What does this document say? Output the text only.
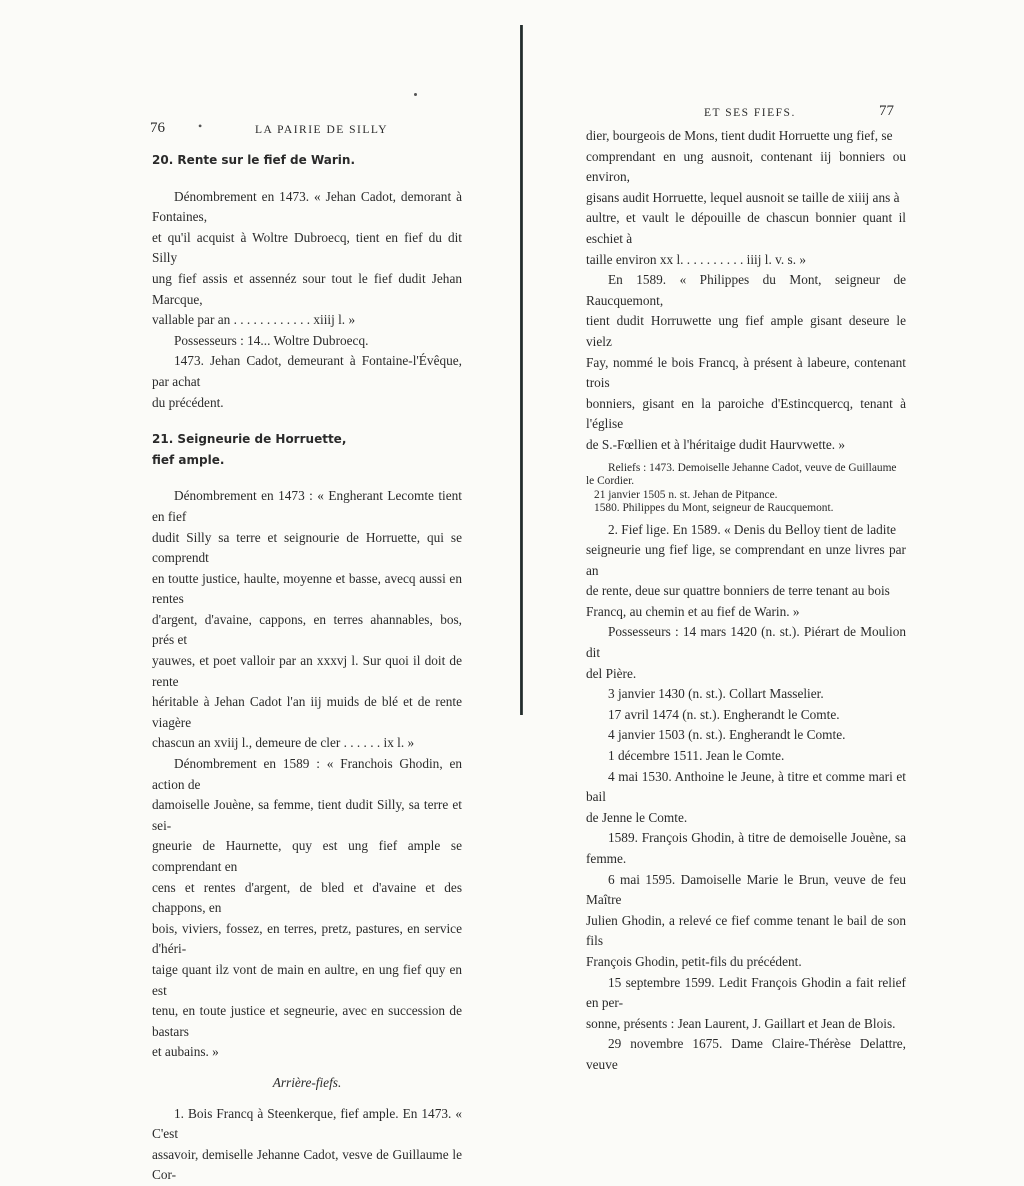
76	•	LA PAIRIE DE SILLY

20. Rente sur le fief de Warin.

Dénombrement en 1473. « Jehan Cadot, demorant à Fontaines,

et qu'il acquist à Woltre Dubroecq, tient en fief du dit Silly

ung fief assis et assennéz sour tout le fief dudit Jehan Marcque,

vallable par an . . . . . . . . . . . . xiiij l. »

Possesseurs : 14... Woltre Dubroecq.

1473. Jehan Cadot, demeurant à Fontaine-l'Évêque, par achat

du précédent.

21. Seigneurie de Horruette,

fief ample.

Dénombrement en 1473 : « Engherant Lecomte tient en fief

dudit Silly sa terre et seignourie de Horruette, qui se comprendt

en toutte justice, haulte, moyenne et basse, avecq aussi en rentes

d'argent, d'avaine, cappons, en terres ahannables, bos, prés et

yauwes, et poet valloir par an xxxvj l. Sur quoi il doit de rente

héritable à Jehan Cadot l'an iij muids de blé et de rente viagère

chascun an xviij l., demeure de cler . . . . . . ix l. »

Dénombrement en 1589 : « Franchois Ghodin, en action de

damoiselle Jouène, sa femme, tient dudit Silly, sa terre et sei-

gneurie de Haurnette, quy est ung fief ample se comprendant en

cens et rentes d'argent, de bled et d'avaine et des chappons, en

bois, viviers, fossez, en terres, pretz, pastures, en service d'héri-

taige quant ilz vont de main en aultre, en ung fief quy en est

tenu, en toute justice et segneurie, avec en succession de bastars

et aubains. »

Arrière-fiefs.

1. Bois Francq à Steenkerque, fief ample. En 1473. « C'est

assavoir, demiselle Jehanne Cadot, vesve de Guillaume le Cor-

ET SES FIEFS.	77

dier, bourgeois de Mons, tient dudit Horruette ung fief, se

comprendant en ung ausnoit, contenant iij bonniers ou environ,

gisans audit Horruette, lequel ausnoit se taille de xiiij ans à

aultre, et vault le dépouille de chascun bonnier quant il eschiet à

taille environ xx l. . . . . . . . . . iiij l. v. s. »

En 1589. « Philippes du Mont, seigneur de Raucquemont,

tient dudit Horruwette ung fief ample gisant deseure le vielz

Fay, nommé le bois Francq, à présent à labeure, contenant trois

bonniers, gisant en la paroiche d'Estincquercq, tenant à l'église

de S.-Fœllien et à l'héritaige dudit Haurvwette. »

Reliefs : 1473. Demoiselle Jehanne Cadot, veuve de Guillaume

le Cordier.

21 janvier 1505 n. st. Jehan de Pitpance.

1580. Philippes du Mont, seigneur de Raucquemont.

2. Fief lige. En 1589. « Denis du Belloy tient de ladite

seigneurie ung fief lige, se comprendant en unze livres par an

de rente, deue sur quattre bonniers de terre tenant au bois

Francq, au chemin et au fief de Warin. »

Possesseurs : 14 mars 1420 (n. st.). Piérart de Moulion dit

del Pière.

3 janvier 1430 (n. st.). Collart Masselier.

17 avril 1474 (n. st.). Engherandt le Comte.

4 janvier 1503 (n. st.). Engherandt le Comte.

1 décembre 1511. Jean le Comte.

4 mai 1530. Anthoine le Jeune, à titre et comme mari et bail

de Jenne le Comte.

1589. François Ghodin, à titre de demoiselle Jouène, sa femme.

6 mai 1595. Damoiselle Marie le Brun, veuve de feu Maître

Julien Ghodin, a relevé ce fief comme tenant le bail de son fils

François Ghodin, petit-fils du précédent.

15 septembre 1599. Ledit François Ghodin a fait relief en per-

sonne, présents : Jean Laurent, J. Gaillart et Jean de Blois.

29 novembre 1675. Dame Claire-Thérèse Delattre, veuve
